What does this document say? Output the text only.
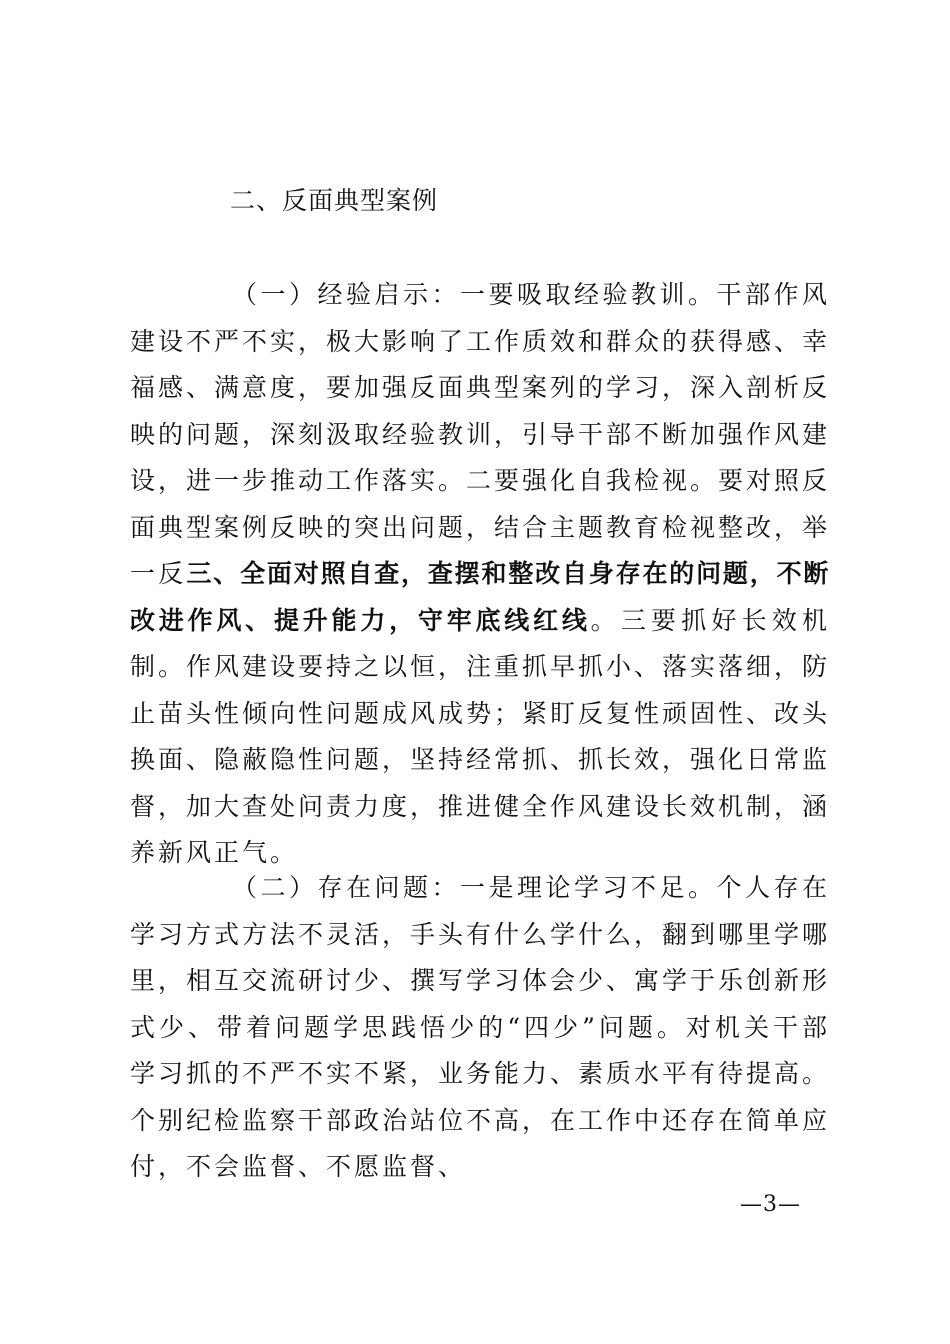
二、反面典型案例

（一）经验启示：一要吸取经验教训。干部作风建设不严不实，极大影响了工作质效和群众的获得感、幸福感、满意度，要加强反面典型案列的学习，深入剖析反映的问题，深刻汲取经验教训，引导干部不断加强作风建设，进一步推动工作落实。二要强化自我检视。要对照反面典型案例反映的突出问题，结合主题教育检视整改，举一反三、全面对照自查，查摆和整改自身存在的问题，不断改进作风、提升能力，守牢底线红线。三要抓好长效机制。作风建设要持之以恒，注重抓早抓小、落实落细，防止苗头性倾向性问题成风成势；紧盯反复性顽固性、改头换面、隐蔽隐性问题，坚持经常抓、抓长效，强化日常监督，加大查处问责力度，推进健全作风建设长效机制，涵养新风正气。

（二）存在问题：一是理论学习不足。个人存在学习方式方法不灵活，手头有什么学什么，翻到哪里学哪里，相互交流研讨少、撰写学习体会少、寓学于乐创新形式少、带着问题学思践悟少的“四少”问题。对机关干部学习抓的不严不实不紧，业务能力、素质水平有待提高。个别纪检监察干部政治站位不高，在工作中还存在简单应付，不会监督、不愿监督、

—3—
